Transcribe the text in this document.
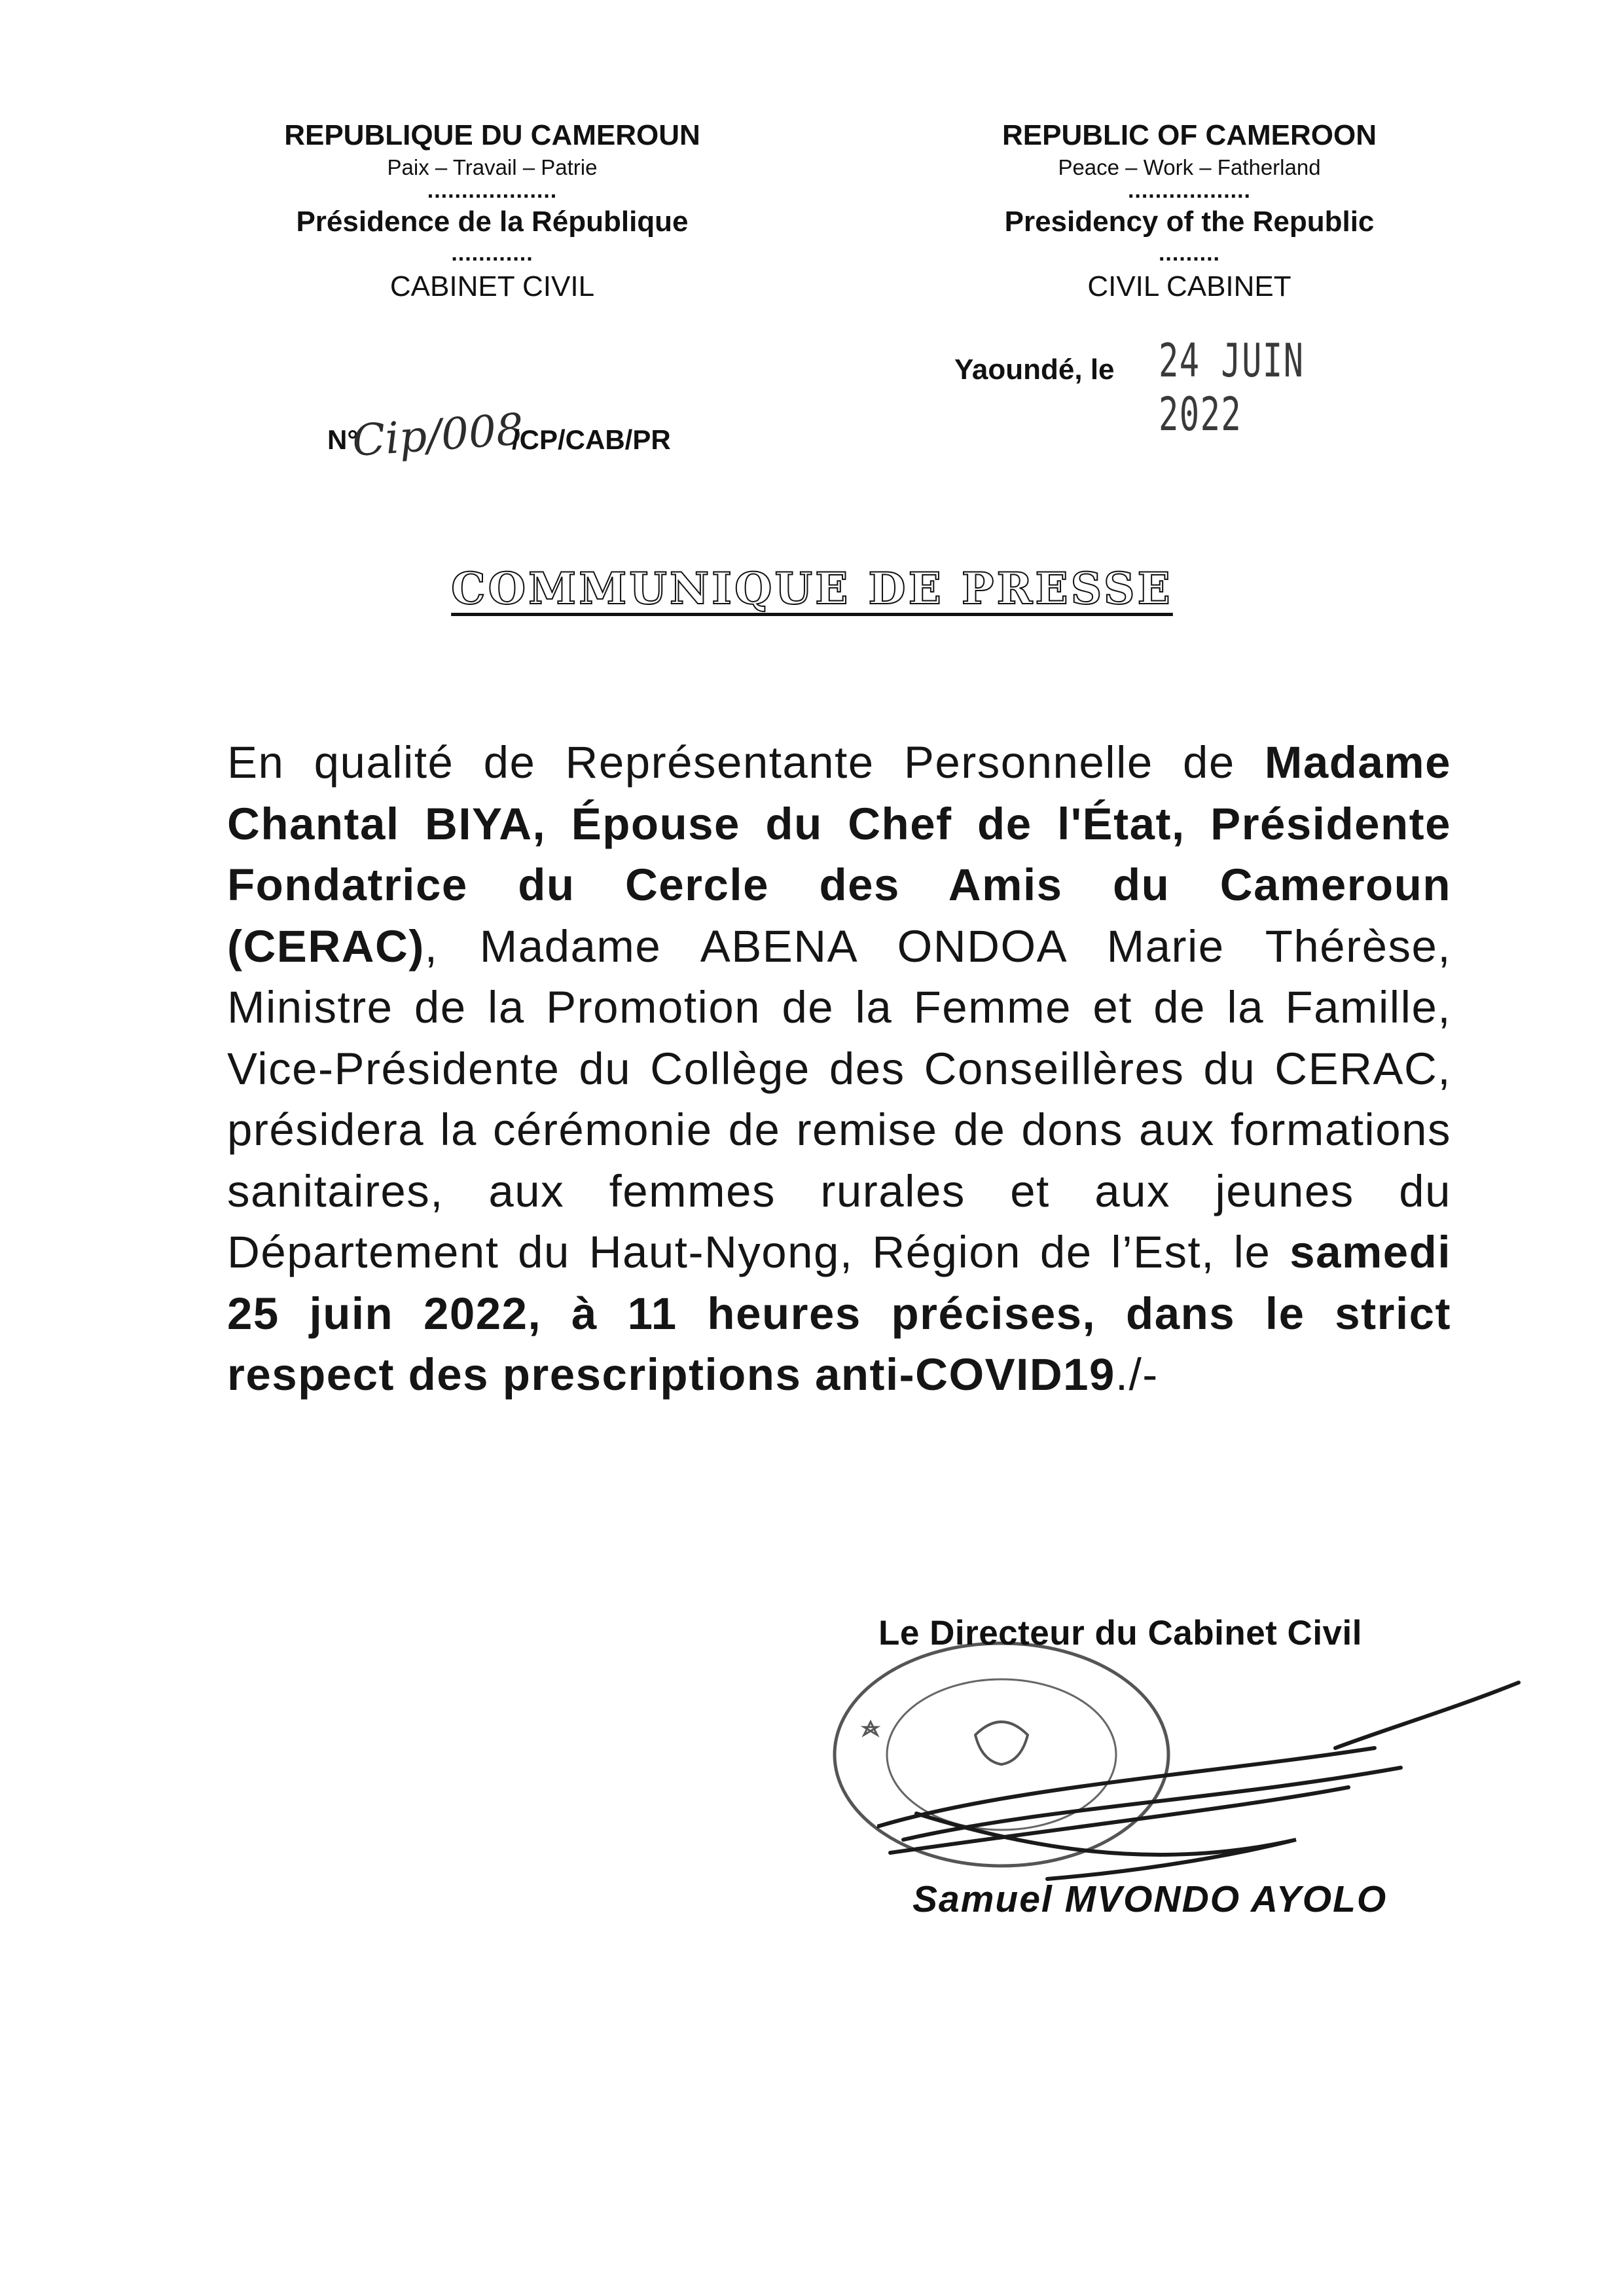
REPUBLIQUE DU CAMEROUN
Paix – Travail – Patrie
...................
Présidence de la République
............
CABINET CIVIL
REPUBLIC OF CAMEROON
Peace – Work – Fatherland
..................
Presidency of the Republic
.........
CIVIL CABINET
Yaoundé, le 24 JUIN 2022
N°
Cip/008
/CP/CAB/PR
COMMUNIQUE DE PRESSE
En qualité de Représentante Personnelle de Madame Chantal BIYA, Épouse du Chef de l'État, Présidente Fondatrice du Cercle des Amis du Cameroun (CERAC), Madame ABENA ONDOA Marie Thérèse, Ministre de la Promotion de la Femme et de la Famille, Vice-Présidente du Collège des Conseillères du CERAC, présidera la cérémonie de remise de dons aux formations sanitaires, aux femmes rurales et aux jeunes du Département du Haut-Nyong, Région de l’Est, le samedi 25 juin 2022, à 11 heures précises, dans le strict respect des prescriptions anti-COVID19./-
Le Directeur du Cabinet Civil
Samuel MVONDO AYOLO
